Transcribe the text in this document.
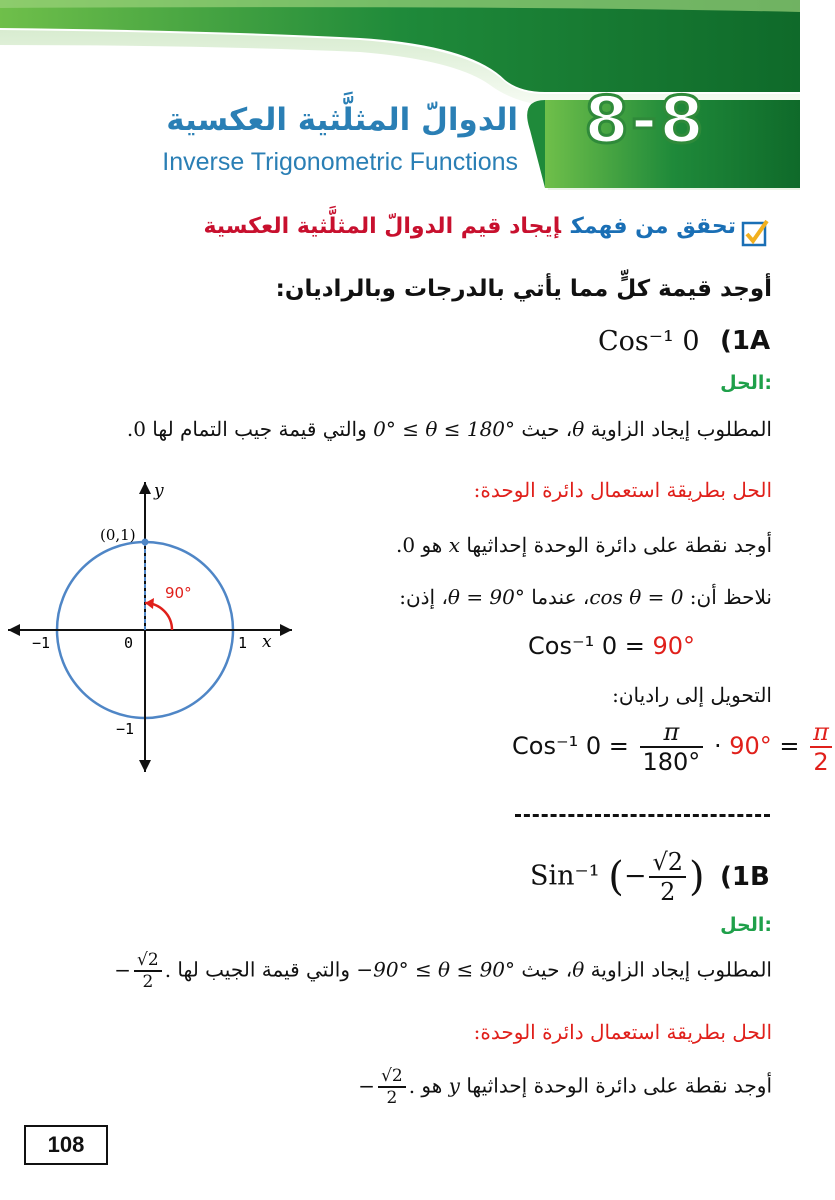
8-8
الدوالّ المثلَّثية العكسية
Inverse Trigonometric Functions
تحقق من فهمكإيجاد قيم الدوالّ المثلَّثية العكسية
أوجد قيمة كلٍّ مما يأتي بالدرجات وبالراديان:
(1A
Cos⁻¹ 0
الحل:
المطلوب إيجاد الزاوية θ، حيث 0° ≤ θ ≤ 180° والتي قيمة جيب التمام لها 0.
الحل بطريقة استعمال دائرة الوحدة:
أوجد نقطة على دائرة الوحدة إحداثيها x هو 0.
نلاحظ أن: cos θ = 0، عندما θ = 90°، إذن:
Cos⁻¹ 0 = 90°
التحويل إلى راديان:
Cos⁻¹ $0 = \frac{\pi}{180^\circ} \cdot 90^\circ = \frac{\pi}{2}$
(0,1)
y
x
90°
0
−1	1
−1
(1B
Sin⁻¹ (− $\frac{√2}{2}$ )
الحل:
المطلوب إيجاد الزاوية θ، حيث −90° ≤ θ ≤ 90° والتي قيمة الجيب لها − $\frac{√2}{2}$ .
الحل بطريقة استعمال دائرة الوحدة:
أوجد نقطة على دائرة الوحدة إحداثيها y هو − $\frac{√2}{2}$ .
108
